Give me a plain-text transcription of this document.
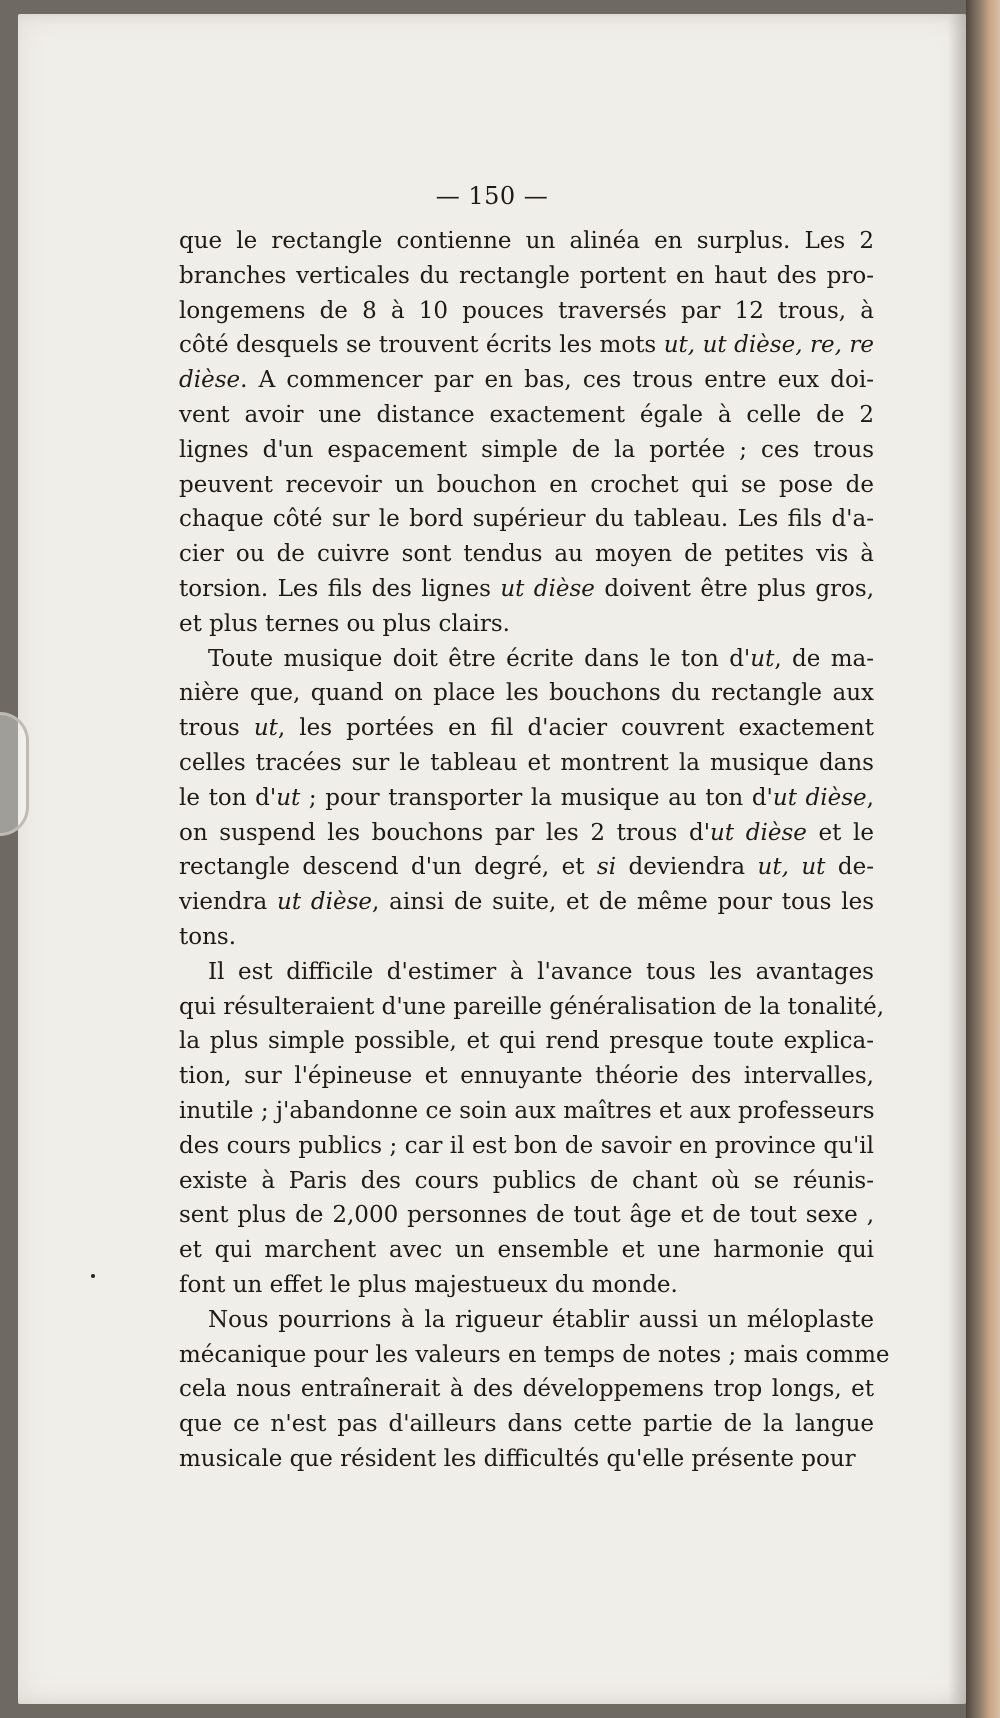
— 150 —
que le rectangle contienne un alinéa en surplus. Les 2
branches verticales du rectangle portent en haut des pro-
longemens de 8 à 10 pouces traversés par 12 trous, à
côté desquels se trouvent écrits les mots ut, ut dièse, re, re
dièse. A commencer par en bas, ces trous entre eux doi-
vent avoir une distance exactement égale à celle de 2
lignes d'un espacement simple de la portée ; ces trous
peuvent recevoir un bouchon en crochet qui se pose de
chaque côté sur le bord supérieur du tableau. Les fils d'a-
cier ou de cuivre sont tendus au moyen de petites vis à
torsion. Les fils des lignes ut dièse doivent être plus gros,
et plus ternes ou plus clairs.
Toute musique doit être écrite dans le ton d'ut, de ma-
nière que, quand on place les bouchons du rectangle aux
trous ut, les portées en fil d'acier couvrent exactement
celles tracées sur le tableau et montrent la musique dans
le ton d'ut ; pour transporter la musique au ton d'ut dièse,
on suspend les bouchons par les 2 trous d'ut dièse et le
rectangle descend d'un degré, et si deviendra ut, ut de-
viendra ut dièse, ainsi de suite, et de même pour tous les
tons.
Il est difficile d'estimer à l'avance tous les avantages
qui résulteraient d'une pareille généralisation de la tonalité,
la plus simple possible, et qui rend presque toute explica-
tion, sur l'épineuse et ennuyante théorie des intervalles,
inutile ; j'abandonne ce soin aux maîtres et aux professeurs
des cours publics ; car il est bon de savoir en province qu'il
existe à Paris des cours publics de chant où se réunis-
sent plus de 2,000 personnes de tout âge et de tout sexe ,
et qui marchent avec un ensemble et une harmonie qui
font un effet le plus majestueux du monde.
Nous pourrions à la rigueur établir aussi un méloplaste
mécanique pour les valeurs en temps de notes ; mais comme
cela nous entraînerait à des développemens trop longs, et
que ce n'est pas d'ailleurs dans cette partie de la langue
musicale que résident les difficultés qu'elle présente pour
